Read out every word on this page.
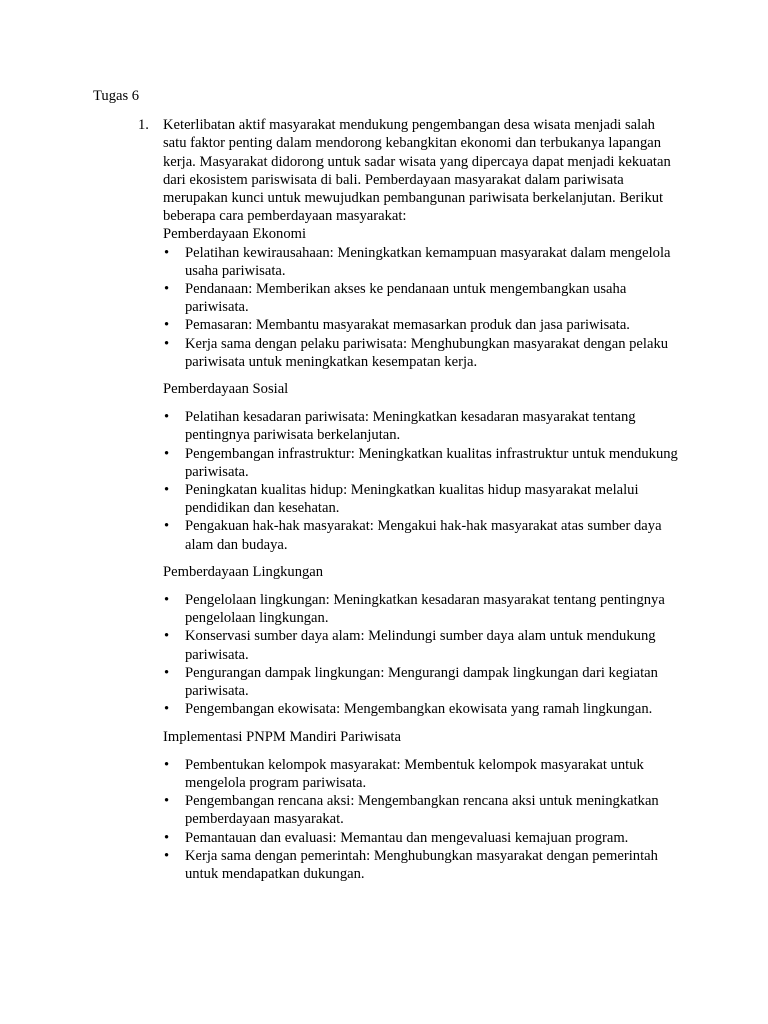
Tugas 6

1. Keterlibatan aktif masyarakat mendukung pengembangan desa wisata menjadi salah satu faktor penting dalam mendorong kebangkitan ekonomi dan terbukanya lapangan kerja. Masyarakat didorong untuk sadar wisata yang dipercaya dapat menjadi kekuatan dari ekosistem pariswisata di bali. Pemberdayaan masyarakat dalam pariwisata merupakan kunci untuk mewujudkan pembangunan pariwisata berkelanjutan. Berikut beberapa cara pemberdayaan masyarakat:

Pemberdayaan Ekonomi

•	Pelatihan kewirausahaan: Meningkatkan kemampuan masyarakat dalam mengelola usaha pariwisata.
•	Pendanaan: Memberikan akses ke pendanaan untuk mengembangkan usaha pariwisata.
•	Pemasaran: Membantu masyarakat memasarkan produk dan jasa pariwisata.
•	Kerja sama dengan pelaku pariwisata: Menghubungkan masyarakat dengan pelaku pariwisata untuk meningkatkan kesempatan kerja.

Pemberdayaan Sosial

•	Pelatihan kesadaran pariwisata: Meningkatkan kesadaran masyarakat tentang pentingnya pariwisata berkelanjutan.
•	Pengembangan infrastruktur: Meningkatkan kualitas infrastruktur untuk mendukung pariwisata.
•	Peningkatan kualitas hidup: Meningkatkan kualitas hidup masyarakat melalui pendidikan dan kesehatan.
•	Pengakuan hak-hak masyarakat: Mengakui hak-hak masyarakat atas sumber daya alam dan budaya.

Pemberdayaan Lingkungan

•	Pengelolaan lingkungan: Meningkatkan kesadaran masyarakat tentang pentingnya pengelolaan lingkungan.
•	Konservasi sumber daya alam: Melindungi sumber daya alam untuk mendukung pariwisata.
•	Pengurangan dampak lingkungan: Mengurangi dampak lingkungan dari kegiatan pariwisata.
•	Pengembangan ekowisata: Mengembangkan ekowisata yang ramah lingkungan.

Implementasi PNPM Mandiri Pariwisata

•	Pembentukan kelompok masyarakat: Membentuk kelompok masyarakat untuk mengelola program pariwisata.
•	Pengembangan rencana aksi: Mengembangkan rencana aksi untuk meningkatkan pemberdayaan masyarakat.
•	Pemantauan dan evaluasi: Memantau dan mengevaluasi kemajuan program.
•	Kerja sama dengan pemerintah: Menghubungkan masyarakat dengan pemerintah untuk mendapatkan dukungan.
